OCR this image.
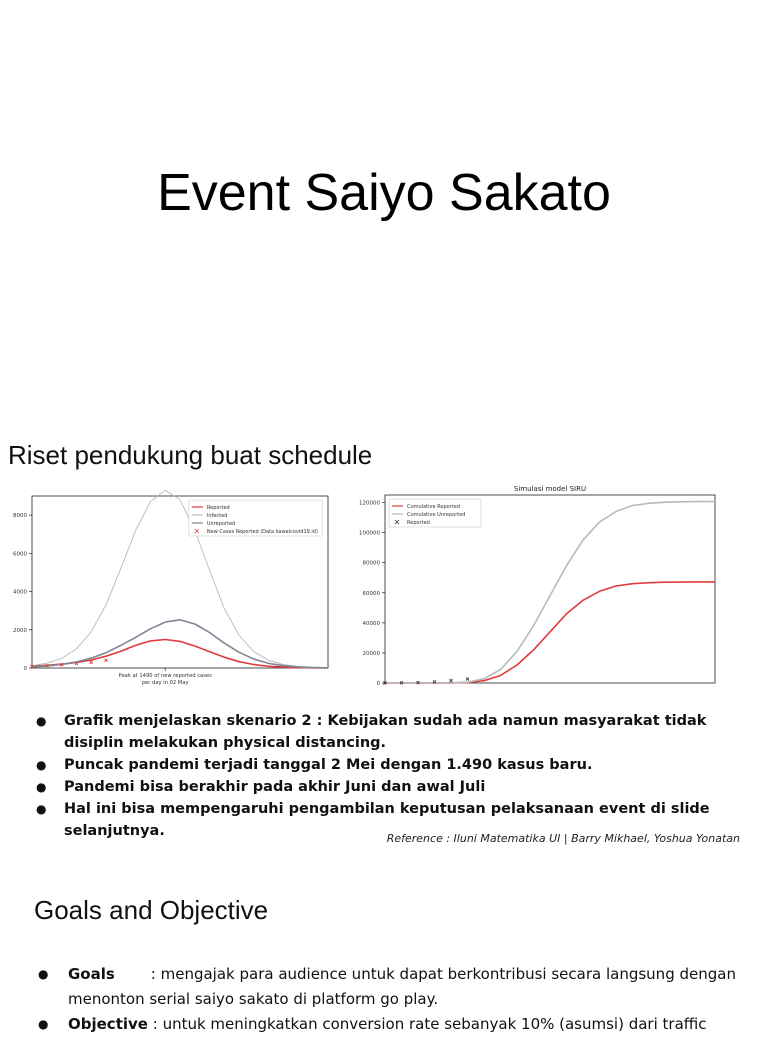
Event Saiyo Sakato
Riset pendukung buat schedule
0
2000
4000
6000
8000
Reported
Infected
Unreported
New Cases Reported (Data kawalcovid19.id)
Peak at 1490 of new reported cases
per day in 02 May	0
20000
40000
60000
80000
100000
120000
Simulasi model SIRU
Cumulative Reported
Cumulative Unreported
Reported
● Grafik menjelaskan skenario 2 : Kebijakan sudah ada namun masyarakat tidak disiplin melakukan physical distancing.
● Puncak pandemi terjadi tanggal 2 Mei dengan 1.490 kasus baru.
● Pandemi bisa berakhir pada akhir Juni dan awal Juli
● Hal ini bisa mempengaruhi pengambilan keputusan pelaksanaan event di slide selanjutnya.	Reference : Iluni Matematika UI | Barry Mikhael, Yoshua Yonatan
Goals and Objective
● Goals : mengajak para audience untuk dapat berkontribusi secara langsung dengan menonton serial saiyo sakato di platform go play.
● Objective : untuk meningkatkan conversion rate sebanyak 10% (asumsi) dari traffic
